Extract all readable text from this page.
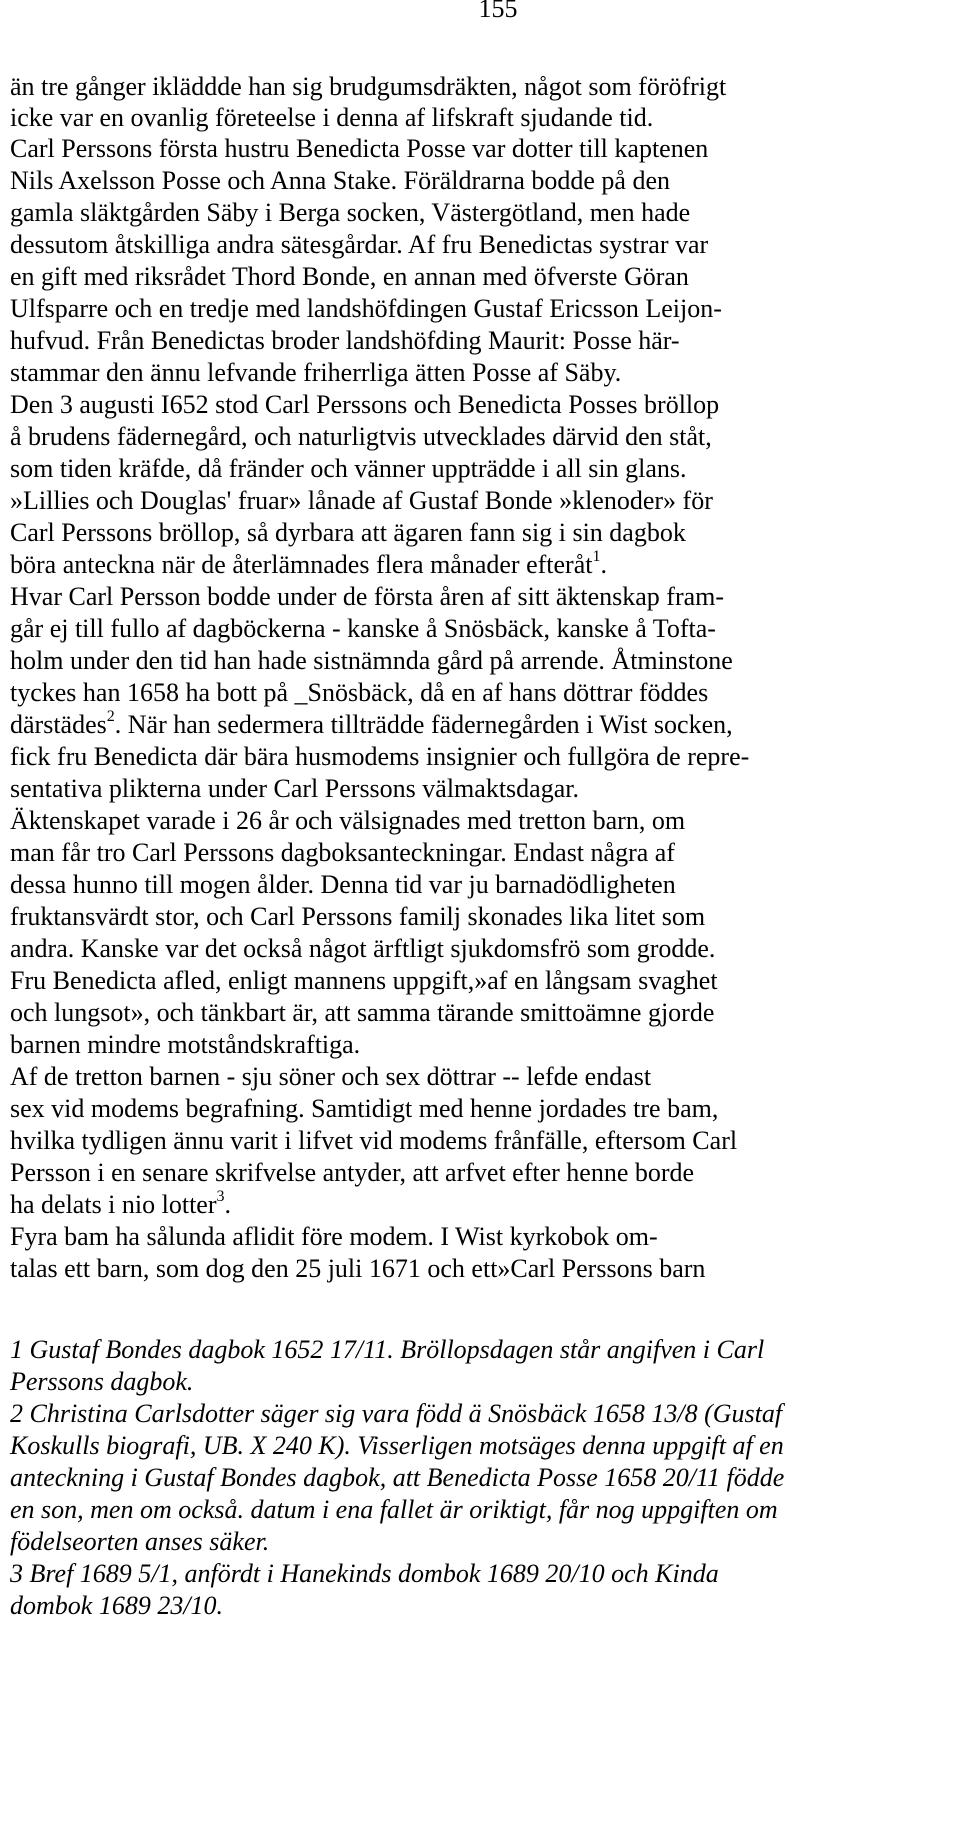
155
än tre gånger ikläddde han sig brudgumsdräkten, något som föröfrigt
icke var en ovanlig företeelse i denna af lifskraft sjudande tid.
Carl Perssons första hustru Benedicta Posse var dotter till kaptenen
Nils Axelsson Posse och Anna Stake. Föräldrarna bodde på den
gamla släktgården Säby i Berga socken, Västergötland, men hade
dessutom åtskilliga andra sätesgårdar. Af fru Benedictas systrar var
en gift med riksrådet Thord Bonde, en annan med öfverste Göran
Ulfsparre och en tredje med landshöfdingen Gustaf Ericsson Leijon-
hufvud. Från Benedictas broder landshöfding Maurit: Posse här-
stammar den ännu lefvande friherrliga ätten Posse af Säby.
Den 3 augusti I652 stod Carl Perssons och Benedicta Posses bröllop
å brudens fädernegård, och naturligtvis utvecklades därvid den ståt,
som tiden kräfde, då fränder och vänner uppträdde i all sin glans.
»Lillies och Douglas' fruar» lånade af Gustaf Bonde »klenoder» för
Carl Perssons bröllop, så dyrbara att ägaren fann sig i sin dagbok
böra anteckna när de återlämnades flera månader efteråt$^1$.
Hvar Carl Persson bodde under de första åren af sitt äktenskap fram-
går ej till fullo af dagböckerna - kanske å Snösbäck, kanske å Tofta-
holm under den tid han hade sistnämnda gård på arrende. Åtminstone
tyckes han 1658 ha bott på _Snösbäck, då en af hans döttrar föddes
därstädes$^2$. När han sedermera tillträdde fädernegården i Wist socken,
fick fru Benedicta där bära husmodems insignier och fullgöra de repre-
sentativa plikterna under Carl Perssons välmaktsdagar.
Äktenskapet varade i 26 år och välsignades med tretton barn, om
man får tro Carl Perssons dagboksanteckningar. Endast några af
dessa hunno till mogen ålder. Denna tid var ju barnadödligheten
fruktansvärdt stor, och Carl Perssons familj skonades lika litet som
andra. Kanske var det också något ärftligt sjukdomsfrö som grodde.
Fru Benedicta afled, enligt mannens uppgift,»af en långsam svaghet
och lungsot», och tänkbart är, att samma tärande smittoämne gjorde
barnen mindre motståndskraftiga.
Af de tretton barnen - sju söner och sex döttrar -- lefde endast
sex vid modems begrafning. Samtidigt med henne jordades tre bam,
hvilka tydligen ännu varit i lifvet vid modems frånfälle, eftersom Carl
Persson i en senare skrifvelse antyder, att arfvet efter henne borde
ha delats i nio lotter$^3$.
Fyra bam ha sålunda aflidit före modem. I Wist kyrkobok om-
talas ett barn, som dog den 25 juli 1671 och ett»Carl Perssons barn
1 Gustaf Bondes dagbok 1652 17/11. Bröllopsdagen står angifven i Carl
Perssons dagbok.
2 Christina Carlsdotter säger sig vara född ä Snösbäck 1658 13/8 (Gustaf
Koskulls biografi, UB. X 240 K). Visserligen motsäges denna uppgift af en
anteckning i Gustaf Bondes dagbok, att Benedicta Posse 1658 20/11 födde
en son, men om också. datum i ena fallet är oriktigt, får nog uppgiften om
födelseorten anses säker.
3 Bref 1689 5/1, anfördt i Hanekinds dombok 1689 20/10 och Kinda
dombok 1689 23/10.
